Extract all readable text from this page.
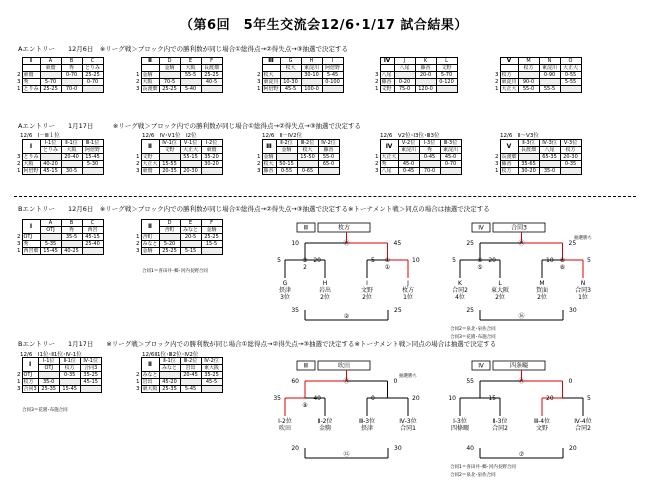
（第6回　5年生交流会12/6･1/17 試合結果）
Aエントリー　　12月6日　※リーグ戦＞ブロック内での勝利数が同じ場合①総得点→②得失点→③抽選で決定する
Aエントリー　　1月17日　　　※リーグ戦＞ブロック内での勝利数が同じ場合①総得点→②得失点→③抽選で決定する
Bエントリー　　12月6日　※リーグ戦＞ブロック内での勝利数が同じ場合①総得点→②得失点→③抽選で決定する※トーナメント戦＞同点の場合は抽選で決定する
Bエントリー　　1月17日　　※リーグ戦＞ブロック内での勝利数が同じ場合①総得点→②得失点→③抽選で決定する※トーナメント戦＞同点の場合は抽選で決定する
	Ⅰ	A	B	C
		東鷲	秀	とりみ
2	東鷲		0-70	25-25
3	秀	5-70		0-70
1	とりみ	25-25	70-0	
	Ⅱ	D	E	F
		金駒	大阪	長渡畑
1	金駒		55-5	25-25
2	大阪	70-5		40-5
3	長渡畑	25-25	5-40	
	Ⅲ	G	H	I
		枚大	東淀川	阿倍野
2	枚大		30-10	5-45
3	東淀川	10-30		0-100
1	阿倍野	45-5	100-0	
	Ⅳ	J	K	L
		八尾	藤香	文野
3	八尾		20-0	5-70
2	藤香	0-20		0-120
1	文野	75-0	120-0	
	Ⅴ	M	N	O
		枚方	東淀川	大正大
3	枚方		0-90	0-55
2	東淀川	90-0		5-55
1	大正大	55-0	55-5	
	Ⅰ	Ⅰ-1位	Ⅱ-1位	Ⅲ-1位
		とりみ	大阪	阿倍野
3	とりみ		20-40	15-45
2	大阪	40-20		5-30
1	阿倍野	45-15	30-5	
	Ⅱ	Ⅳ-1位	Ⅴ-1位	Ⅰ-2位
		文野	大正大	東鷲
1	文野		55-15	35-20
2	大正大	15-55		30-20
3	東鷲	20-35	20-30	
	Ⅲ	Ⅱ-2位	Ⅲ-2位	Ⅳ-2位
		金駒	枚大	藤香
1	金駒		15-50	55-0
2	枚大	50-15		65-0
3	藤香	0-55	0-65	
	Ⅳ	Ⅴ-2位	Ⅰ-3位	Ⅲ-3位
		東淀川	秀	東淀川
1	大正大		0-45	45-0
2	秀	45-0		0-70
3	八尾	0-45	70-0	
	Ⅴ	Ⅱ-3位	Ⅳ-3位	Ⅴ-3位
		長渡畑	八尾	枚方
2	長渡畑		65-35	20-30
3	藤香	35-65		0-35
1	枚方	30-20	35-0	
	Ⅰ	A	B	C
		OTJ	秀	西宮
2	OTJ		35-5	45-15
3	秀	5-35		25-40
1	西宮畑	15-45	40-25	
	Ⅱ	D	E	F
		舎町	みなと	金駒
1	舎町		20-5	25-25
2	みなと	5-20		15-5
3	金駒	25-25	5-15	
	Ⅰ	Ⅰ-1位	Ⅱ-1位	Ⅳ-1位
		OTJ	枚方	合同3
2	OTJ		0-35	35-25
1	枚方	35-0		45-15
3	合同3	25-35	15-45	
	Ⅱ	Ⅱ-1位	Ⅲ-2位	Ⅳ-2位
		みなと	岩出	東大阪
2	みなと		20-45	35-25
1	岩出	45-20		45-5
3	東大阪	25-35	5-45	
12/6　Ⅰ－Ⅲ１位	12/6　Ⅳ･Ⅴ1位　Ⅰ2位	12/6　Ⅱ－Ⅳ2位	12/6　Ⅴ2位･Ⅰ3位･Ⅲ3位	12/6　Ⅱ～Ⅴ3位
合同1＝喜田井･郷･河内長野合同
12/6　Ⅰ1位･Ⅱ1位･Ⅳ-1位	12/6Ⅱ1位･Ⅲ2位･Ⅳ2位
合同3＝花園･布施合同
Ⅲ	枚方
10	45
⑬
5	20	5	10
2	①
③	①
G
摂津
3位
H
岩出
2位
I
文野
2位
J
枚方
1位
35	25
②
Ⅳ	合同3
25	25
⑭
5	20	10	5
⑤	⑧
⑥	⑧
K
合同2
4位
L
東大阪
2位
M
賀面
2位
N
合同3
1位
25	30
⑯
抽選勝ち
合同2＝泉北･泉佐合同
合同3＝花園･布施合同
Ⅲ	吹田
60	0
⑪
35	40	0	20
⑨
Ⅰ-2位
吹田
Ⅱ-2位
金駒
Ⅲ-3位
摂津
Ⅳ-3位
合同1
20	30
⑫
抽選勝ち
Ⅳ	四条畷
55	0
⑪
10	15	20	5
Ⅰ-3位
四條畷
Ⅱ-3位
合同2
Ⅲ-4位
文野
Ⅳ-4位
合同2
40	20
⑦
合同1＝喜田井･郷･河内長野合同
合同2＝泉北･泉佐合同
